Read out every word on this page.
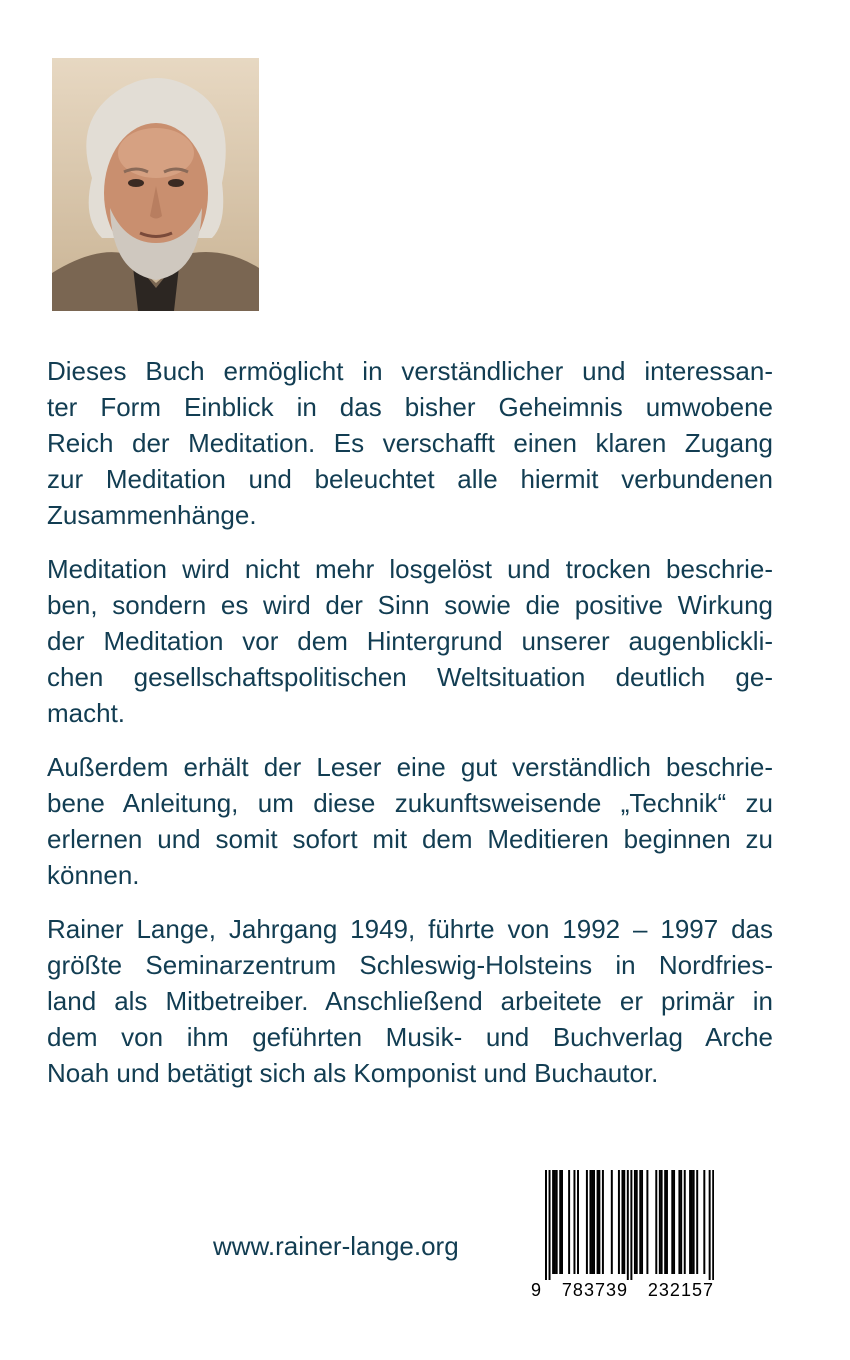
Dieses Buch ermöglicht in verständlicher und interessan-
ter Form Einblick in das bisher Geheimnis umwobene
Reich der Meditation. Es verschafft einen klaren Zugang
zur Meditation und beleuchtet alle hiermit verbundenen
Zusammenhänge.
Meditation wird nicht mehr losgelöst und trocken beschrie-
ben, sondern es wird der Sinn sowie die positive Wirkung
der Meditation vor dem Hintergrund unserer augenblickli-
chen gesellschaftspolitischen Weltsituation deutlich ge-
macht.
Außerdem erhält der Leser eine gut verständlich beschrie-
bene Anleitung, um diese zukunftsweisende „Technik“ zu
erlernen und somit sofort mit dem Meditieren beginnen zu
können.
Rainer Lange, Jahrgang 1949, führte von 1992 – 1997 das
größte Seminarzentrum Schleswig-Holsteins in Nordfries-
land als Mitbetreiber. Anschließend arbeitete er primär in
dem von ihm geführten Musik- und Buchverlag Arche
Noah und betätigt sich als Komponist und Buchautor.
www.rainer-lange.org
9 783739 232157
